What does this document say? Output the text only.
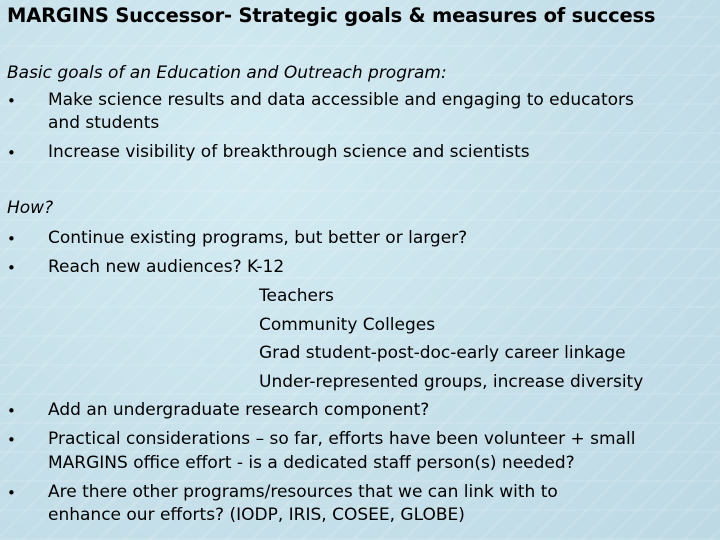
MARGINS Successor- Strategic goals & measures of success
Basic goals of an Education and Outreach program:
• Make science results and data accessible and engaging to educators
and students
• Increase visibility of breakthrough science and scientists
How?
• Continue existing programs, but better or larger?
• Reach new audiences? K-12
Teachers
Community Colleges
Grad student-post-doc-early career linkage
Under-represented groups, increase diversity
• Add an undergraduate research component?
• Practical considerations – so far, efforts have been volunteer + small
MARGINS office effort - is a dedicated staff person(s) needed?
• Are there other programs/resources that we can link with to
enhance our efforts? (IODP, IRIS, COSEE, GLOBE)
